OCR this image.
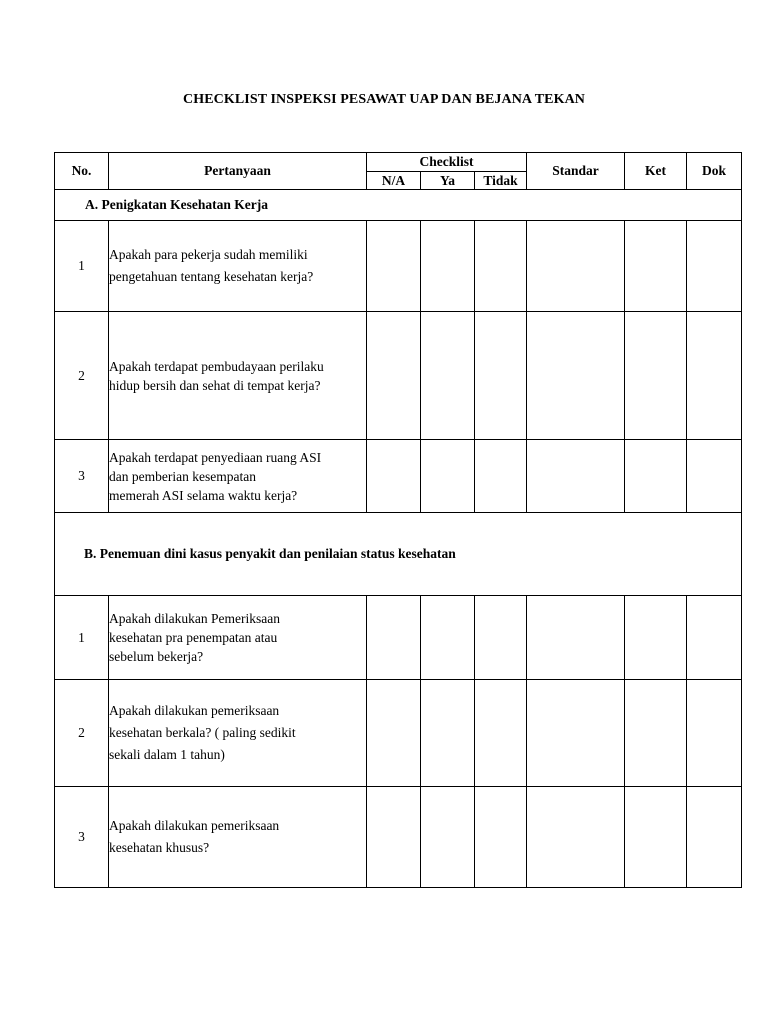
CHECKLIST INSPEKSI PESAWAT UAP DAN BEJANA TEKAN
No.	Pertanyaan	Checklist			Standar	Ket	Dok
		N/A	Ya	Tidak			
A. Penigkatan Kesehatan Kerja							
1	Apakah para pekerja sudah memiliki
pengetahuan tentang kesehatan kerja?						
2	Apakah terdapat pembudayaan perilaku
hidup bersih dan sehat di tempat kerja?						
3	Apakah terdapat penyediaan ruang ASI
dan pemberian kesempatan
memerah ASI selama waktu kerja?						
B. Penemuan dini kasus penyakit dan penilaian status kesehatan							
1	Apakah dilakukan Pemeriksaan
kesehatan pra penempatan atau
sebelum bekerja?						
2	Apakah dilakukan pemeriksaan
kesehatan berkala? ( paling sedikit
sekali dalam 1 tahun)						
3	Apakah dilakukan pemeriksaan
kesehatan khusus?						
